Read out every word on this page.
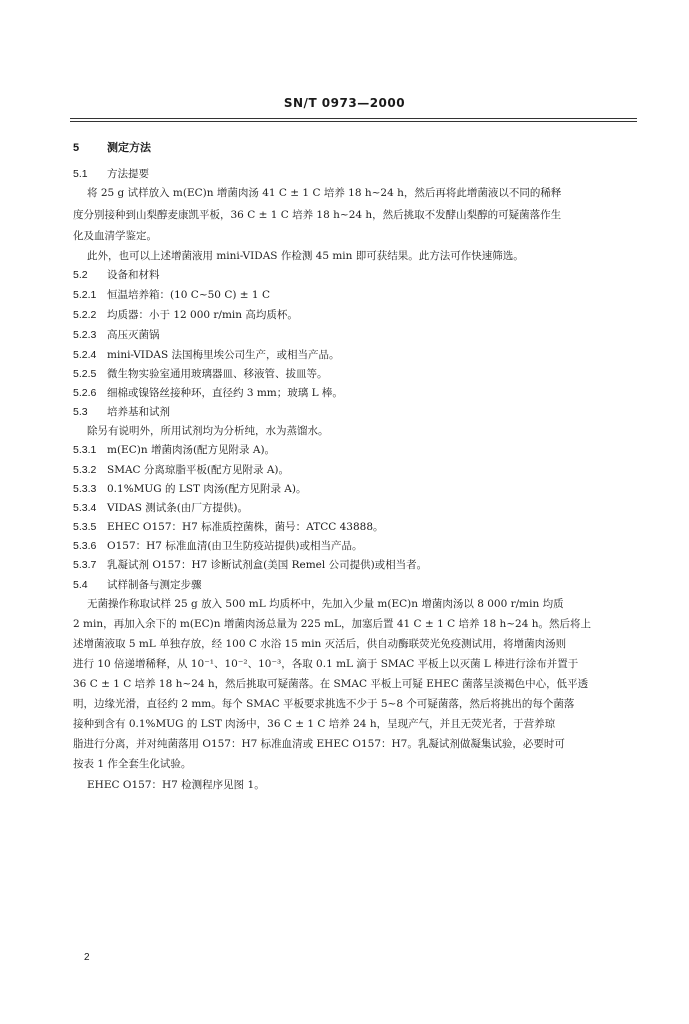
SN/T 0973—2000
5	测定方法
5.1 方法提要
将 25 g 试样放入 m(EC)n 增菌肉汤 41 C ± 1 C 培养 18 h~24 h，然后再将此增菌液以不同的稀释
度分别接种到山梨醇麦康凯平板，36 C ± 1 C 培养 18 h~24 h，然后挑取不发酵山梨醇的可疑菌落作生
化及血清学鉴定。
此外，也可以上述增菌液用 mini-VIDAS 作检测 45 min 即可获结果。此方法可作快速筛选。
5.2 设备和材料
5.2.1 恒温培养箱：(10 C~50 C) ± 1 C
5.2.2 均质器：小于 12 000 r/min 高均质杯。
5.2.3 高压灭菌锅
5.2.4 mini-VIDAS 法国梅里埃公司生产，或相当产品。
5.2.5 微生物实验室通用玻璃器皿、移液管、拔皿等。
5.2.6 细棉或镍铬丝接种环，直径约 3 mm；玻璃 L 棒。
5.3 培养基和试剂
除另有说明外，所用试剂均为分析纯，水为蒸馏水。
5.3.1 m(EC)n 增菌肉汤(配方见附录 A)。
5.3.2 SMAC 分离琼脂平板(配方见附录 A)。
5.3.3 0.1%MUG 的 LST 肉汤(配方见附录 A)。
5.3.4 VIDAS 测试条(由厂方提供)。
5.3.5 EHEC O157：H7 标准质控菌株，菌号：ATCC 43888。
5.3.6 O157：H7 标准血清(由卫生防疫站提供)或相当产品。
5.3.7 乳凝试剂 O157：H7 诊断试剂盒(美国 Remel 公司提供)或相当者。
5.4 试样制备与测定步骤
无菌操作称取试样 25 g 放入 500 mL 均质杯中，先加入少量 m(EC)n 增菌肉汤以 8 000 r/min 均质
2 min，再加入余下的 m(EC)n 增菌肉汤总量为 225 mL，加塞后置 41 C ± 1 C 培养 18 h~24 h。然后将上
述增菌液取 5 mL 单独存放，经 100 C 水浴 15 min 灭活后，供自动酶联荧光免疫测试用，将增菌肉汤则
进行 10 倍递增稀释，从 10⁻¹、10⁻²、10⁻³，各取 0.1 mL 滴于 SMAC 平板上以灭菌 L 棒进行涂布并置于
36 C ± 1 C 培养 18 h~24 h，然后挑取可疑菌落。在 SMAC 平板上可疑 EHEC 菌落呈淡褐色中心，低平透
明，边缘光滑，直径约 2 mm。每个 SMAC 平板要求挑选不少于 5~8 个可疑菌落，然后将挑出的每个菌落
接种到含有 0.1%MUG 的 LST 肉汤中，36 C ± 1 C 培养 24 h，呈现产气，并且无荧光者，于营养琼
脂进行分离，并对纯菌落用 O157：H7 标准血清或 EHEC O157：H7。乳凝试剂做凝集试验，必要时可
按表 1 作全套生化试验。
EHEC O157：H7 检测程序见图 1。
2
